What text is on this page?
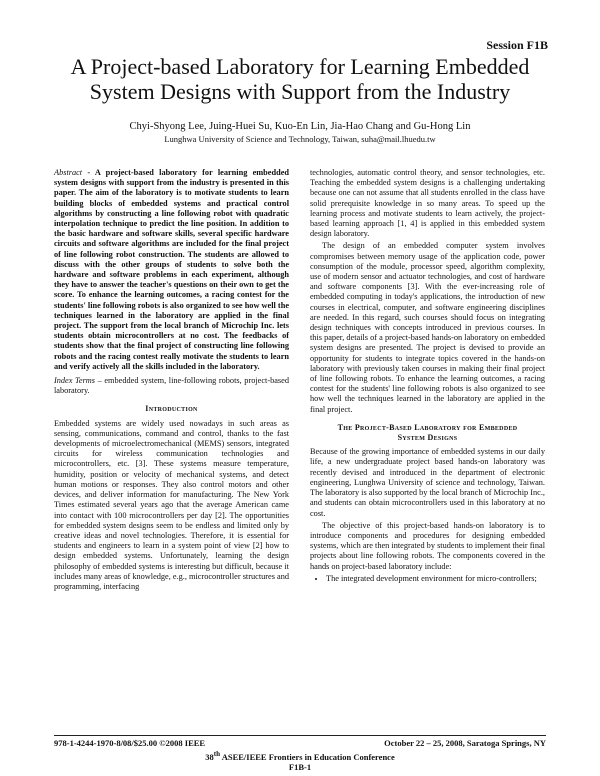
Session F1B
A Project-based Laboratory for Learning Embedded
System Designs with Support from the Industry
Chyi-Shyong Lee, Juing-Huei Su, Kuo-En Lin, Jia-Hao Chang and Gu-Hong Lin
Lunghwa University of Science and Technology, Taiwan, suha@mail.lhuedu.tw

Abstract - A project-based laboratory for learning embedded system designs with support from the industry is presented in this paper. The aim of the laboratory is to motivate students to learn building blocks of embedded systems and practical control algorithms by constructing a line following robot with quadratic interpolation technique to predict the line position. In addition to the basic hardware and software skills, several specific hardware circuits and software algorithms are included for the final project of line following robot construction. The students are allowed to discuss with the other groups of students to solve both the hardware and software problems in each experiment, although they have to answer the teacher's questions on their own to get the score. To enhance the learning outcomes, a racing contest for the students' line following robots is also organized to see how well the techniques learned in the laboratory are applied in the final project. The support from the local branch of Microchip Inc. lets students obtain microcontrollers at no cost. The feedbacks of students show that the final project of constructing line following robots and the racing contest really motivate the students to learn and verify actively all the skills included in the laboratory.

Index Terms – embedded system, line-following robots, project-based laboratory.

Introduction

Embedded systems are widely used nowadays in such areas as sensing, communications, command and control, thanks to the fast developments of microelectromechanical (MEMS) sensors, integrated circuits for wireless communication technologies and microcontrollers, etc. [3]. These systems measure temperature, humidity, position or velocity of mechanical systems, and detect human motions or responses. They also control motors and other devices, and deliver information for manufacturing. The New York Times estimated several years ago that the average American came into contact with 100 microcontrollers per day [2]. The opportunities for embedded system designs seem to be endless and limited only by creative ideas and novel technologies. Therefore, it is essential for students and engineers to learn in a system point of view [2] how to design embedded systems. Unfortunately, learning the design philosophy of embedded systems is interesting but difficult, because it includes many areas of knowledge, e.g., microcontroller structures and programming, interfacing

technologies, automatic control theory, and sensor technologies, etc. Teaching the embedded system designs is a challenging undertaking because one can not assume that all students enrolled in the class have solid prerequisite knowledge in so many areas. To speed up the learning process and motivate students to learn actively, the project-based learning approach [1, 4] is applied in this embedded system design laboratory.

The design of an embedded computer system involves compromises between memory usage of the application code, power consumption of the module, processor speed, algorithm complexity, use of modern sensor and actuator technologies, and cost of hardware and software components [3]. With the ever-increasing role of embedded computing in today's applications, the introduction of new courses in electrical, computer, and software engineering disciplines are needed. In this regard, such courses should focus on integrating design techniques with concepts introduced in previous courses. In this paper, details of a project-based hands-on laboratory on embedded system designs are presented. The project is devised to provide an opportunity for students to integrate topics covered in the hands-on laboratory with previously taken courses in making their final project of line following robots. To enhance the learning outcomes, a racing contest for the students' line following robots is also organized to see how well the techniques learned in the laboratory are applied in the final project.

The Project-Based Laboratory for Embedded
System Designs

Because of the growing importance of embedded systems in our daily life, a new undergraduate project based hands-on laboratory was recently devised and introduced in the department of electronic engineering, Lunghwa University of science and technology, Taiwan. The laboratory is also supported by the local branch of Microchip Inc., and students can obtain microcontrollers used in this laboratory at no cost.

The objective of this project-based hands-on laboratory is to introduce components and procedures for designing embedded systems, which are then integrated by students to implement their final projects about line following robots. The components covered in the hands on project-based laboratory include:

• The integrated development environment for micro-controllers;
978-1-4244-1970-8/08/$25.00 ©2008 IEEE	October 22 – 25, 2008, Saratoga Springs, NY
38th ASEE/IEEE Frontiers in Education Conference
F1B-1
